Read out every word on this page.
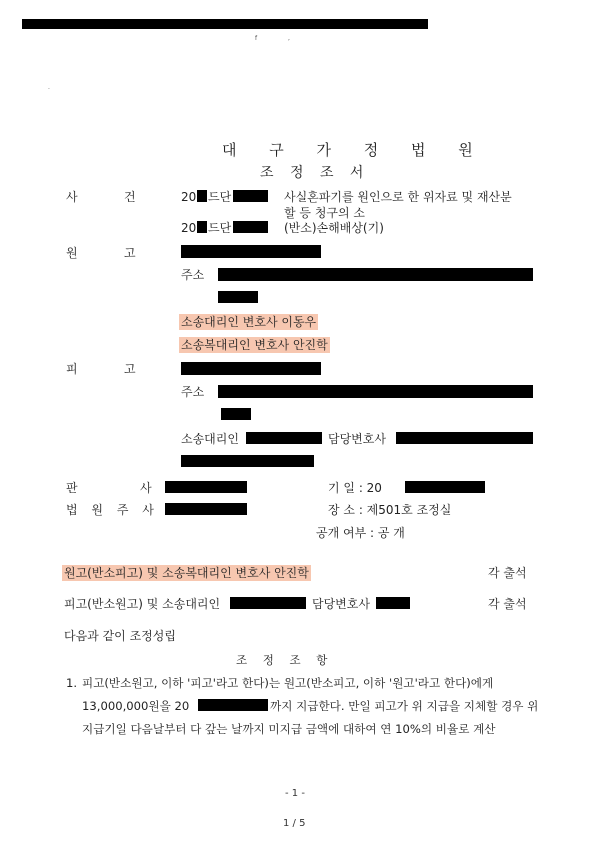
f	,
·
대 구 가 정 법 원
조 정 조 서
사	건	20 드단	사실혼파기를 원인으로 한 위자료 및 재산분
할 등 청구의 소
20 드단	(반소)손해배상(기)
원	고
주소
소송대리인 변호사 이동우
소송복대리인 변호사 안진학
피	고
주소
소송대리인	담당변호사
판	사
법 원 주 사
기 일 : 20
장 소 : 제501호 조정실
공개 여부 : 공 개
원고(반소피고) 및 소송복대리인 변호사 안진학	각 출석
피고(반소원고) 및 소송대리인	담당변호사	각 출석
다음과 같이 조정성립
조 정 조 항
1. 피고(반소원고, 이하 '피고'라고 한다)는 원고(반소피고, 이하 '원고'라고 한다)에게
13,000,000원을 20	까지 지급한다. 만일 피고가 위 지급을 지체할 경우 위
지급기일 다음날부터 다 갚는 날까지 미지급 금액에 대하여 연 10%의 비율로 계산
- 1 -
1 / 5
